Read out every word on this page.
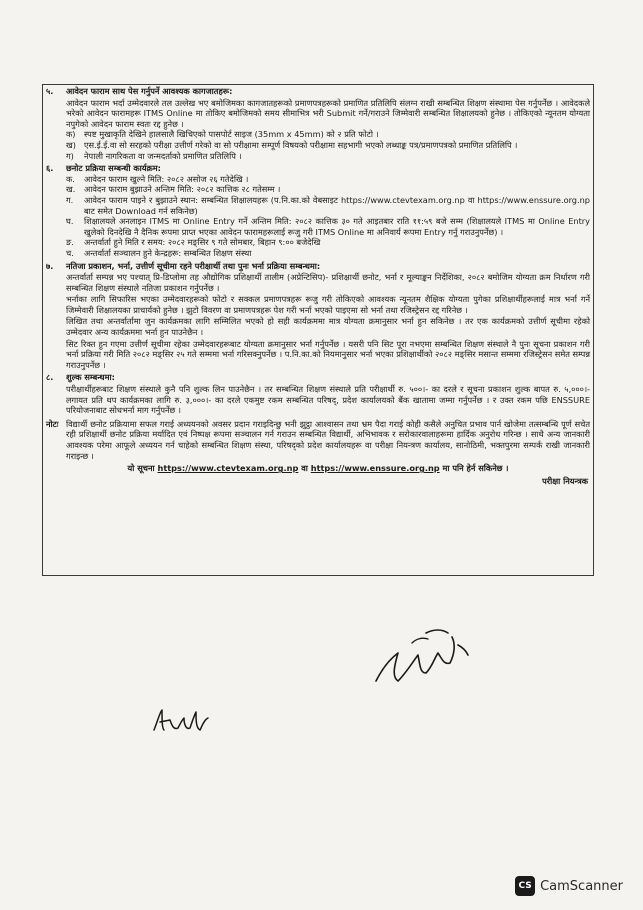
५.	आवेदन फाराम साथ पेस गर्नुपर्ने आवश्यक कागजातहरू:
आवेदन फाराम भर्दा उम्मेदवारले तल उल्लेख भए बमोजिमका कागजातहरूको प्रमाणपत्रहरूको प्रमाणित प्रतिलिपि संलग्न राखी सम्बन्धित शिक्षण संस्थामा पेस गर्नुपर्नेछ । आवेदकले भरेको आवेदन फारामहरू ITMS Online मा तोकिए बमोजिमको समय सीमाभित्र भरी Submit गर्ने/गराउने जिम्मेवारी सम्बन्धित शिक्षालयको हुनेछ । तोकिएको न्यूनतम योग्यता नपुगेको आवेदन फाराम स्वतः रद्द हुनेछ ।
क)	स्पष्ट मुखाकृति देखिने हालसालै खिचिएको पासपोर्ट साइज (35mm x 45mm) को २ प्रति फोटो ।
ख) एस.ई.ई.वा सो सरहको परीक्षा उत्तीर्ण गरेको वा सो परीक्षामा सम्पूर्ण विषयको परीक्षामा सहभागी भएको लब्धाङ्क पत्र/प्रमाणपत्रको प्रमाणित प्रतिलिपि ।
ग)	नेपाली नागरिकता वा जन्मदर्ताको प्रमाणित प्रतिलिपि ।
६.	छनोट प्रक्रिया सम्बन्धी कार्यक्रम:
क.	आवेदन फाराम खुल्ने मिति: २०८२ असोज २६ गतेदेखि ।
ख.	आवेदन फाराम बुझाउने अन्तिम मिति: २०८२ कात्तिक २८ गतेसम्म ।
ग.	आवेदन फाराम पाइने र बुझाउने स्थान: सम्बन्धित शिक्षालयहरू (प.नि.का.को वेबसाइट https://www.ctevtexam.org.np वा https://www.enssure.org.np बाट समेत Download गर्न सकिनेछ)
घ.	शिक्षालयले अनलाइन ITMS मा Online Entry गर्ने अन्तिम मिति: २०८२ कात्तिक ३० गते आइतबार राति ११:५९ बजे सम्म (शिक्षालयले ITMS मा Online Entry खुलेको दिनदेखि नै दैनिक रूपमा प्राप्त भएका आवेदन फारामहरूलाई रूजु गरी ITMS Online मा अनिवार्य रूपमा Entry गर्नु गराउनुपर्नेछ) ।
ङ.	अन्तर्वार्ता हुने मिति र समय: २०८२ मङ्सिर ९ गते सोमबार, बिहान ९:०० बजेदेखि
च.	अन्तर्वार्ता सञ्चालन हुने केन्द्रहरू: सम्बन्धित शिक्षण संस्था
७.	नतिजा प्रकाशन, भर्ना, उत्तीर्ण सूचीमा रहने परीक्षार्थी तथा पुनः भर्ना प्रक्रिया सम्बन्धमा:
अन्तर्वार्ता सम्पन्न भए पश्चात् प्रि-डिप्लोमा तह औद्योगिक प्रशिक्षार्थी तालीम (अप्रेन्टिसिप)- प्रशिक्षार्थी छनोट, भर्ना र मूल्याङ्कन निर्देशिका, २०८२ बमोजिम योग्यता क्रम निर्धारण गरी सम्बन्धित शिक्षण संस्थाले नतिजा प्रकाशन गर्नुपर्नेछ ।
भर्नाका लागि सिफारिस भएका उम्मेदवारहरूको फोटो र सक्कल प्रमाणपत्रहरू रूजु गरी तोकिएको आवश्यक न्यूनतम शैक्षिक योग्यता पुगेका प्रशिक्षार्थीहरूलाई मात्र भर्ना गर्ने जिम्मेवारी शिक्षालयका प्राचार्यको हुनेछ । झुटो विवरण वा प्रमाणपत्रहरू पेश गरी भर्ना भएको पाइएमा सो भर्ना तथा रजिस्ट्रेसन रद्द गरिनेछ ।
लिखित तथा अन्तर्वार्तामा जुन कार्यक्रमका लागि सम्मिलित भएको हो सही कार्यक्रममा मात्र योग्यता क्रमानुसार भर्ना हुन सकिनेछ । तर एक कार्यक्रमको उत्तीर्ण सूचीमा रहेको उम्मेदवार अन्य कार्यक्रममा भर्ना हुन पाउनेछैन ।
सिट रिक्त हुन गएमा उत्तीर्ण सूचीमा रहेका उम्मेदवारहरूबाट योग्यता क्रमानुसार भर्ना गर्नुपर्नेछ । यसरी पनि सिट पूरा नभएमा सम्बन्धित शिक्षण संस्थाले नै पुनः सूचना प्रकाशन गरी भर्ना प्रक्रिया गरी मिति २०८२ मङ्सिर २५ गते सम्ममा भर्ना गरिसक्नुपर्नेछ । प.नि.का.को नियमानुसार भर्ना भएका प्रशिक्षार्थीको २०८२ मङ्सिर मसान्त सम्ममा रजिस्ट्रेसन समेत सम्पन्न गराउनुपर्नेछ ।
८.	शुल्क सम्बन्धमा:
परीक्षार्थीहरूबाट शिक्षण संस्थाले कुनै पनि शुल्क लिन पाउनेछैन । तर सम्बन्धित शिक्षण संस्थाले प्रति परीक्षार्थी रु. ५००।- का दरले र सूचना प्रकाशन शुल्क बापत रु. ५,०००।- लगायत प्रति थप कार्यक्रमका लागि रु. ३,०००।- का दरले एकमुष्ट रकम सम्बन्धित परिषद्, प्रदेश कार्यालयको बैंक खातामा जम्मा गर्नुपर्नेछ । र उक्त रकम पछि ENSSURE परियोजनाबाट सोधभर्ना माग गर्नुपर्नेछ ।
नोटः विद्यार्थी छनोट प्रक्रियामा सफल गराई अध्ययनको अवसर प्रदान गराइदिन्छु भनी झुट्ठा आश्वासन तथा भ्रम पैदा गराई कोही कसैले अनुचित प्रभाव पार्न खोजेमा तत्सम्बन्धि पूर्ण सचेत रही प्रशिक्षार्थी छनोट प्रक्रिया मर्यादित एवं निष्पक्ष रूपमा सञ्चालन गर्न गराउन सम्बन्धित विद्यार्थी, अभिभावक र सरोकारवालाहरूमा हार्दिक अनुरोध गरिन्छ । साथै अन्य जानकारी आवश्यक परेमा आफूले अध्ययन गर्न चाहेको सम्बन्धित शिक्षण संस्था, परिषद्को प्रदेश कार्यालयहरू वा परीक्षा नियन्त्रण कार्यालय, सानोठिमी, भक्तपुरमा सम्पर्क राखी जानकारी गराइन्छ ।
यो सूचना https://www.ctevtexam.org.np वा https://www.enssure.org.np मा पनि हेर्न सकिनेछ ।
परीक्षा नियन्त्रक
CS CamScanner
